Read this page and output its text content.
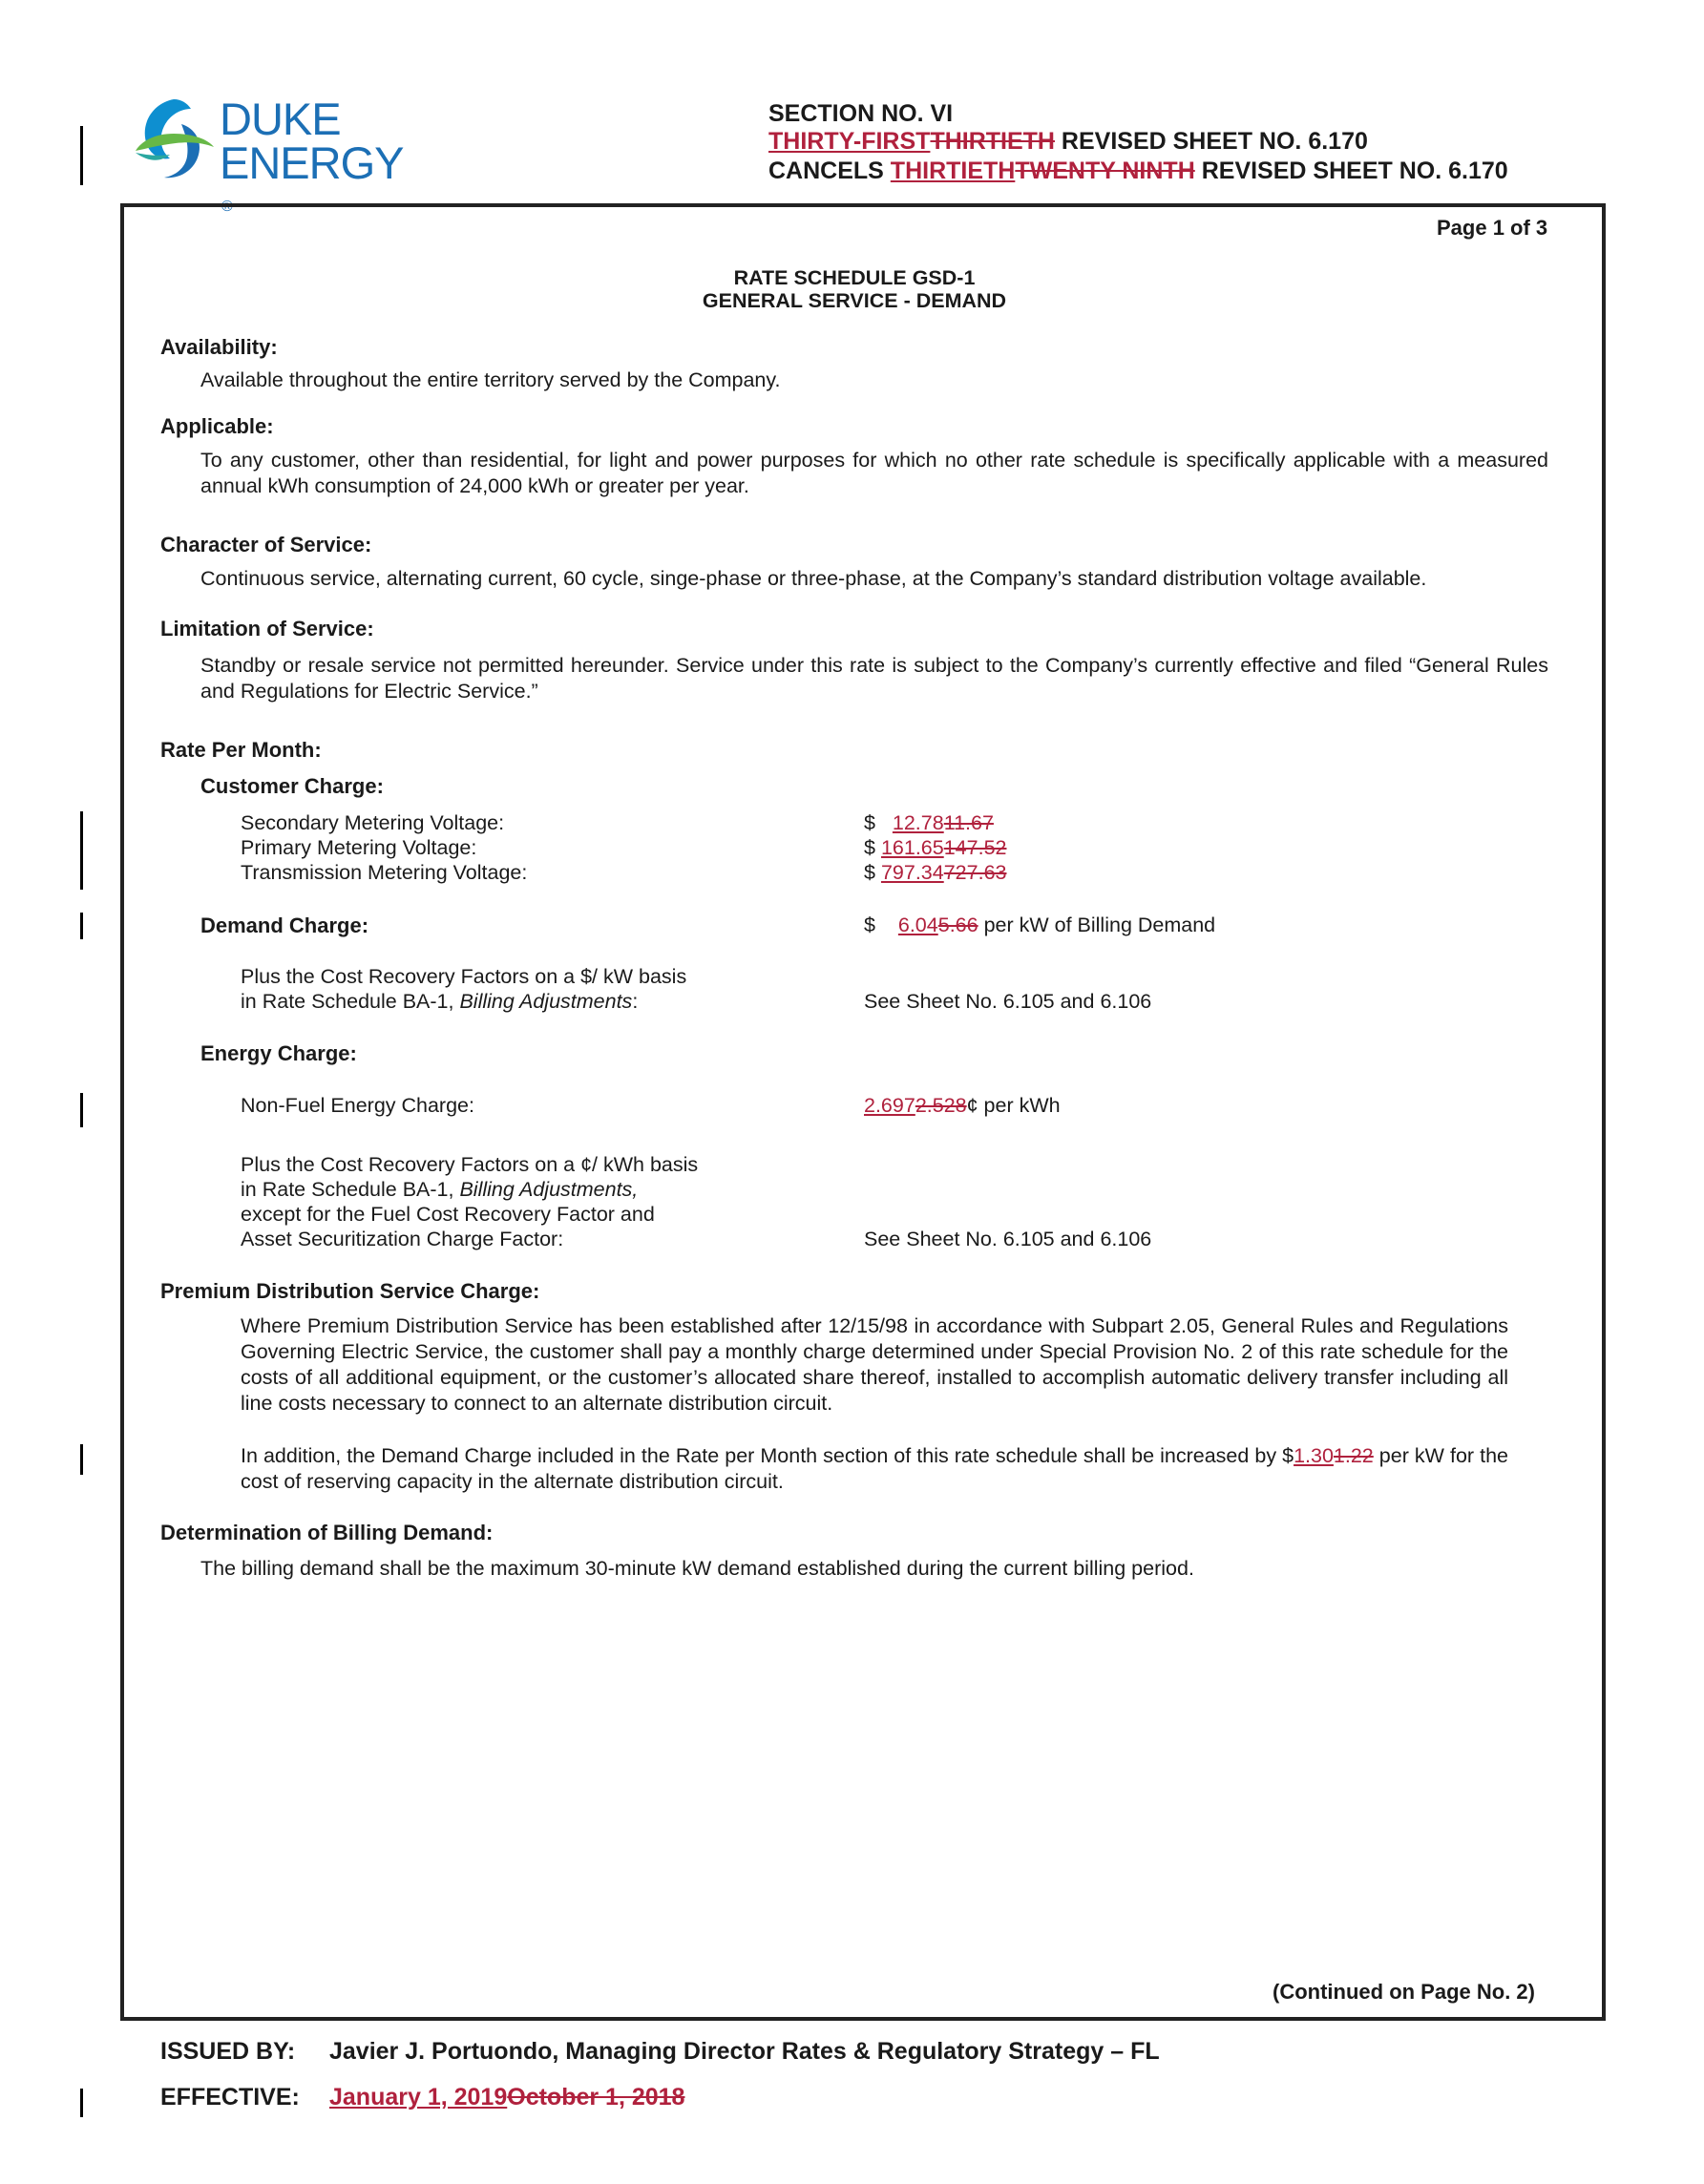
DUKE
ENERGY
®
SECTION NO. VI
THIRTY-FIRSTTHIRTIETH REVISED SHEET NO. 6.170
CANCELS THIRTIETHTWENTY NINTH REVISED SHEET NO. 6.170
Page 1 of 3
RATE SCHEDULE GSD-1
GENERAL SERVICE - DEMAND
Availability:
Available throughout the entire territory served by the Company.
Applicable:
To any customer, other than residential, for light and power purposes for which no other rate schedule is specifically applicable with a measured annual kWh consumption of 24,000 kWh or greater per year.
Character of Service:
Continuous service, alternating current, 60 cycle, singe-phase or three-phase, at the Company’s standard distribution voltage available.
Limitation of Service:
Standby or resale service not permitted hereunder. Service under this rate is subject to the Company’s currently effective and filed “General Rules and Regulations for Electric Service.”
Rate Per Month:
Customer Charge:
Secondary Metering Voltage:	$ 12.7811.67
Primary Metering Voltage:	$ 161.65147.52
Transmission Metering Voltage:	$ 797.34727.63
Demand Charge:	$ 6.045.66 per kW of Billing Demand
Plus the Cost Recovery Factors on a $/ kW basis
in Rate Schedule BA-1, Billing Adjustments:	See Sheet No. 6.105 and 6.106
Energy Charge:
Non-Fuel Energy Charge:	2.6972.528¢ per kWh
Plus the Cost Recovery Factors on a ¢/ kWh basis
in Rate Schedule BA-1, Billing Adjustments,
except for the Fuel Cost Recovery Factor and
Asset Securitization Charge Factor:	See Sheet No. 6.105 and 6.106
Premium Distribution Service Charge:
Where Premium Distribution Service has been established after 12/15/98 in accordance with Subpart 2.05, General Rules and Regulations Governing Electric Service, the customer shall pay a monthly charge determined under Special Provision No. 2 of this rate schedule for the costs of all additional equipment, or the customer’s allocated share thereof, installed to accomplish automatic delivery transfer including all line costs necessary to connect to an alternate distribution circuit.
In addition, the Demand Charge included in the Rate per Month section of this rate schedule shall be increased by $1.301.22 per kW for the cost of reserving capacity in the alternate distribution circuit.
Determination of Billing Demand:
The billing demand shall be the maximum 30-minute kW demand established during the current billing period.
(Continued on Page No. 2)
ISSUED BY: Javier J. Portuondo, Managing Director Rates & Regulatory Strategy – FL
EFFECTIVE: January 1, 2019October 1, 2018
